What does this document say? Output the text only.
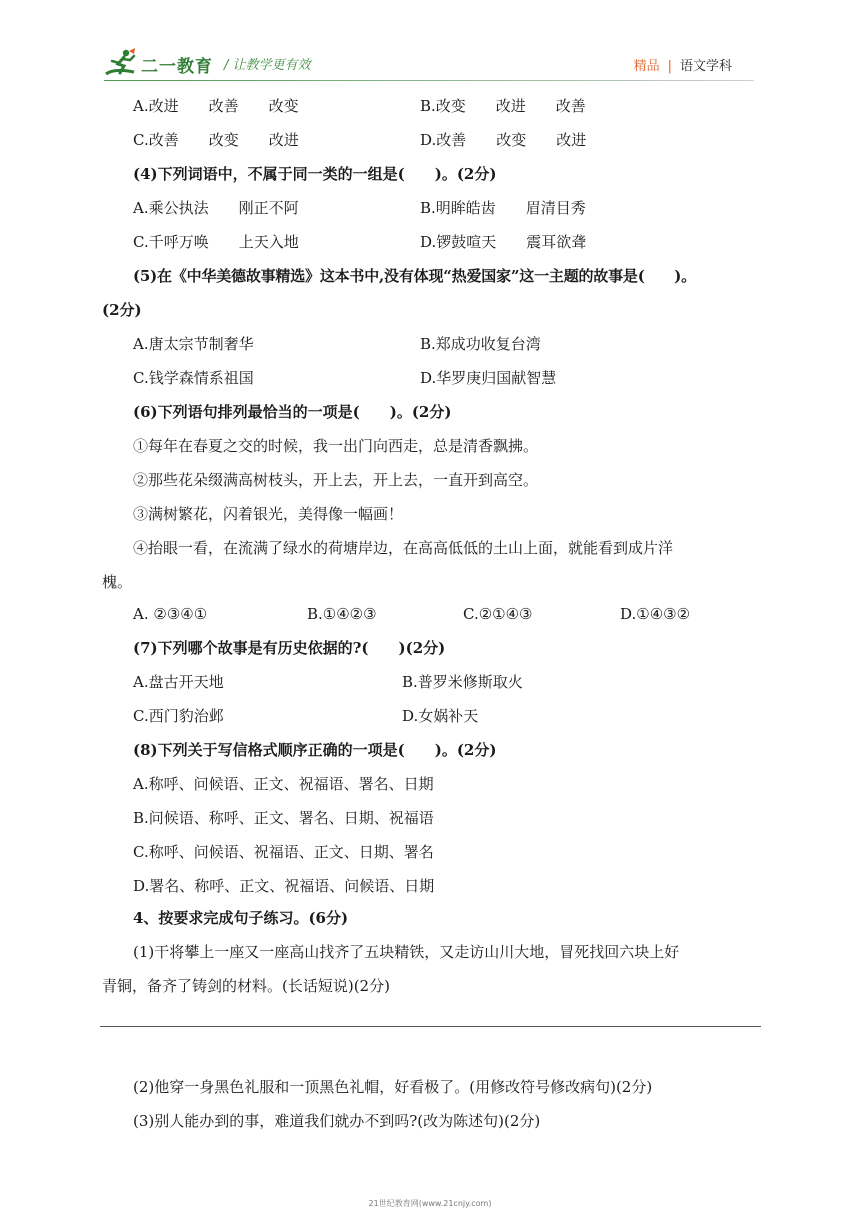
二一教育 / 让教学更有效	精品 | 语文学科
A.改进　　改善　　改变	B.改变　　改进　　改善
C.改善　　改变　　改进	D.改善　　改变　　改进
(4)下列词语中，不属于同一类的一组是(　　)。(2分)
A.乘公执法　　刚正不阿	B.明眸皓齿　　眉清目秀
C.千呼万唤　　上天入地	D.锣鼓喧天　　震耳欲聋
(5)在《中华美德故事精选》这本书中,没有体现“热爱国家”这一主题的故事是(　　)。
(2分)
A.唐太宗节制奢华	B.郑成功收复台湾
C.钱学森情系祖国	D.华罗庚归国献智慧
(6)下列语句排列最恰当的一项是(　　)。(2分)
①每年在春夏之交的时候，我一出门向西走，总是清香飘拂。
②那些花朵缀满高树枝头，开上去，开上去，一直开到高空。
③满树繁花，闪着银光，美得像一幅画！
④抬眼一看，在流满了绿水的荷塘岸边，在高高低低的土山上面，就能看到成片洋
槐。
A. ②③④①	B.①④②③	C.②①④③	D.①④③②
(7)下列哪个故事是有历史依据的?(　　)(2分)
A.盘古开天地	B.普罗米修斯取火
C.西门豹治邺	D.女娲补天
(8)下列关于写信格式顺序正确的一项是(　　)。(2分)
A.称呼、问候语、正文、祝福语、署名、日期
B.问候语、称呼、正文、署名、日期、祝福语
C.称呼、问候语、祝福语、正文、日期、署名
D.署名、称呼、正文、祝福语、问候语、日期
4、按要求完成句子练习。(6分)
(1)干将攀上一座又一座高山找齐了五块精铁，又走访山川大地，冒死找回六块上好
青铜，备齐了铸剑的材料。(长话短说)(2分)
(2)他穿一身黑色礼服和一顶黑色礼帽，好看极了。(用修改符号修改病句)(2分)
(3)别人能办到的事，难道我们就办不到吗?(改为陈述句)(2分)
21世纪教育网(www.21cnjy.com)
